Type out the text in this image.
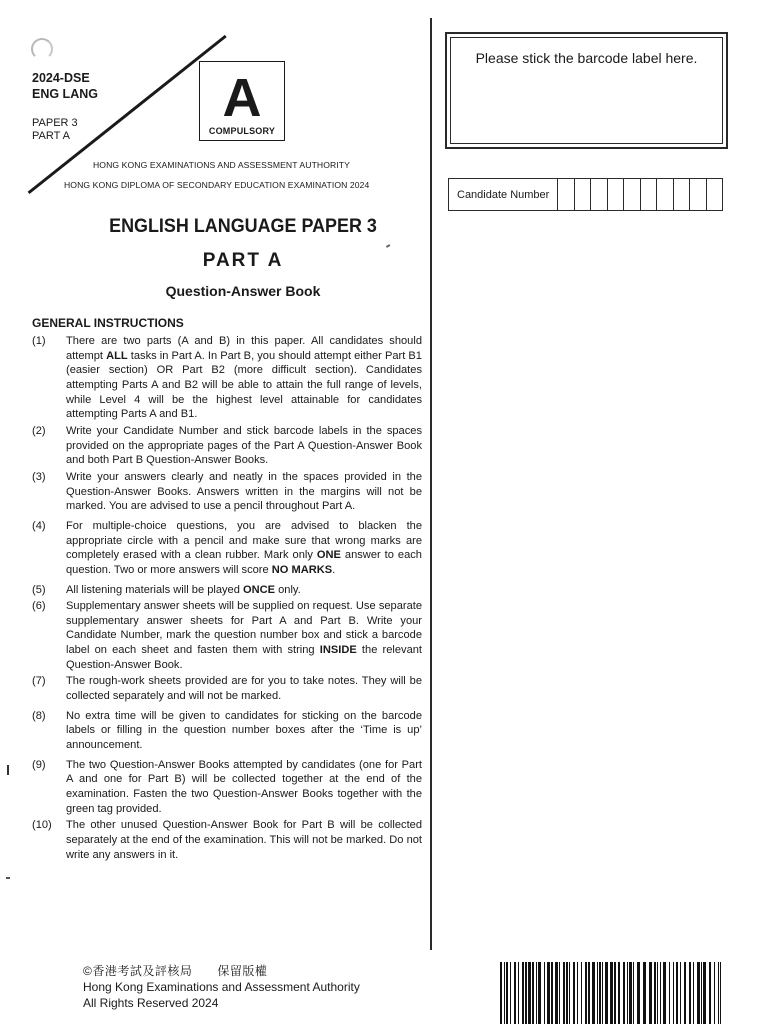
2024-DSE
ENG LANG
PAPER 3
PART A
A
COMPULSORY
HONG KONG EXAMINATIONS AND ASSESSMENT AUTHORITY
HONG KONG DIPLOMA OF SECONDARY EDUCATION EXAMINATION 2024
ENGLISH LANGUAGE PAPER 3
PART A
Question-Answer Book
GENERAL INSTRUCTIONS
(1)	There are two parts (A and B) in this paper. All candidates should attempt ALL tasks in Part A. In Part B, you should attempt either Part B1 (easier section) OR Part B2 (more difficult section). Candidates attempting Parts A and B2 will be able to attain the full range of levels, while Level 4 will be the highest level attainable for candidates attempting Parts A and B1.
(2)	Write your Candidate Number and stick barcode labels in the spaces provided on the appropriate pages of the Part A Question-Answer Book and both Part B Question-Answer Books.
(3)	Write your answers clearly and neatly in the spaces provided in the Question-Answer Books. Answers written in the margins will not be marked. You are advised to use a pencil throughout Part A.
(4)	For multiple-choice questions, you are advised to blacken the appropriate circle with a pencil and make sure that wrong marks are completely erased with a clean rubber. Mark only ONE answer to each question. Two or more answers will score NO MARKS.
(5)	All listening materials will be played ONCE only.
(6)	Supplementary answer sheets will be supplied on request. Use separate supplementary answer sheets for Part A and Part B. Write your Candidate Number, mark the question number box and stick a barcode label on each sheet and fasten them with string INSIDE the relevant Question-Answer Book.
(7)	The rough-work sheets provided are for you to take notes. They will be collected separately and will not be marked.
(8)	No extra time will be given to candidates for sticking on the barcode labels or filling in the question number boxes after the ‘Time is up’ announcement.
(9)	The two Question-Answer Books attempted by candidates (one for Part A and one for Part B) will be collected together at the end of the examination. Fasten the two Question-Answer Books together with the green tag provided.
(10)	The other unused Question-Answer Book for Part B will be collected separately at the end of the examination. This will not be marked. Do not write any answers in it.
Please stick the barcode label here.
Candidate Number										
©香港考試及評核局　　保留版權
Hong Kong Examinations and Assessment Authority
All Rights Reserved 2024
